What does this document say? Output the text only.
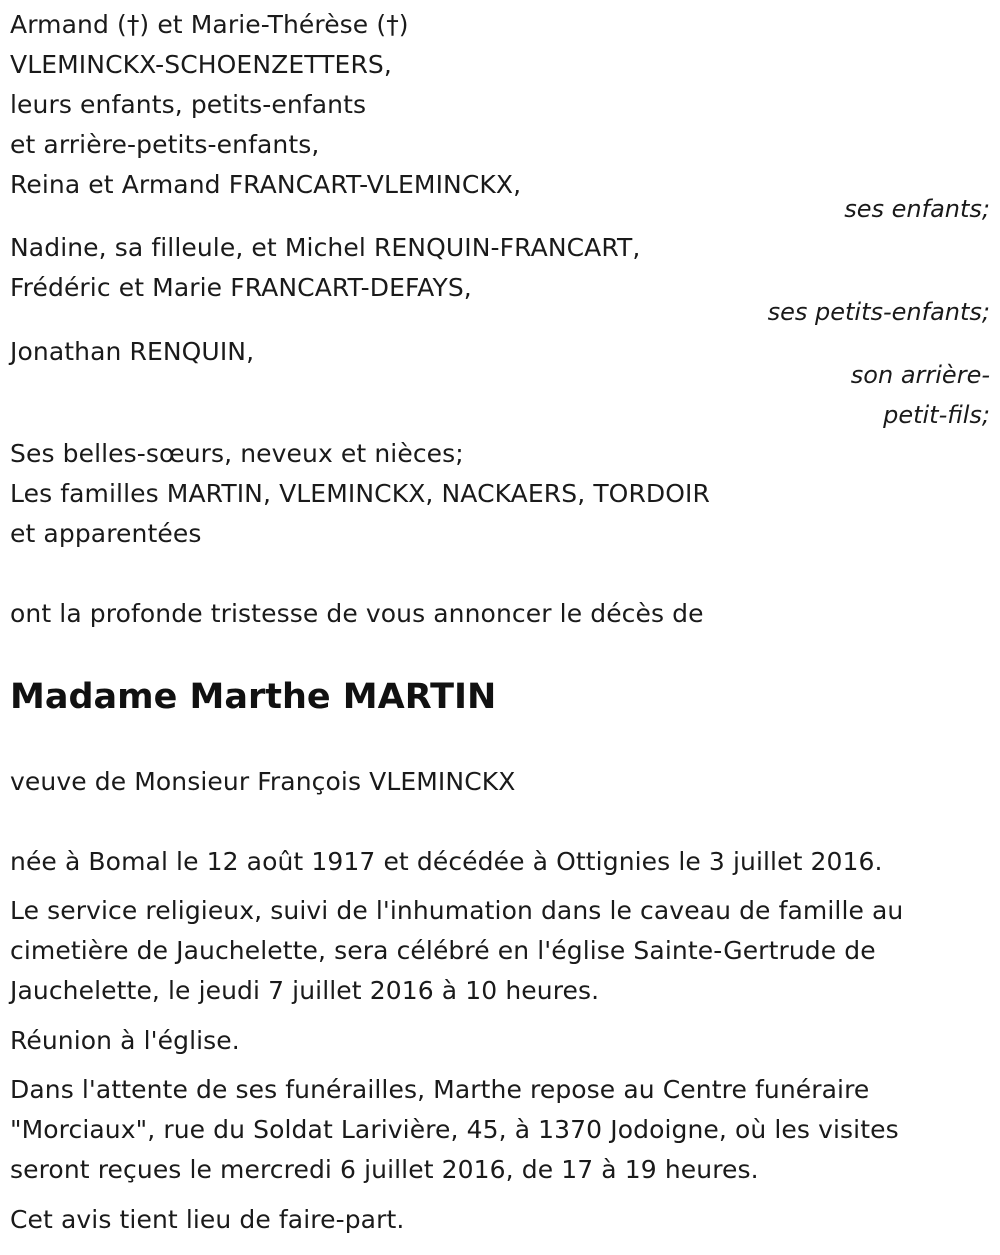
Armand (†) et Marie-Thérèse (†)
VLEMINCKX-SCHOENZETTERS,
leurs enfants, petits-enfants
et arrière-petits-enfants,
Reina et Armand FRANCART-VLEMINCKX,
ses enfants;
Nadine, sa filleule, et Michel RENQUIN-FRANCART,
Frédéric et Marie FRANCART-DEFAYS,
ses petits-enfants;
Jonathan RENQUIN,
son arrière-
petit-fils;
Ses belles-sœurs, neveux et nièces;
Les familles MARTIN, VLEMINCKX, NACKAERS, TORDOIR
et apparentées
ont la profonde tristesse de vous annoncer le décès de
Madame Marthe MARTIN
veuve de Monsieur François VLEMINCKX
née à Bomal le 12 août 1917 et décédée à Ottignies le 3 juillet 2016.
Le service religieux, suivi de l'inhumation dans le caveau de famille au
cimetière de Jauchelette, sera célébré en l'église Sainte-Gertrude de
Jauchelette, le jeudi 7 juillet 2016 à 10 heures.
Réunion à l'église.
Dans l'attente de ses funérailles, Marthe repose au Centre funéraire
"Morciaux", rue du Soldat Larivière, 45, à 1370 Jodoigne, où les visites
seront reçues le mercredi 6 juillet 2016, de 17 à 19 heures.
Cet avis tient lieu de faire-part.
